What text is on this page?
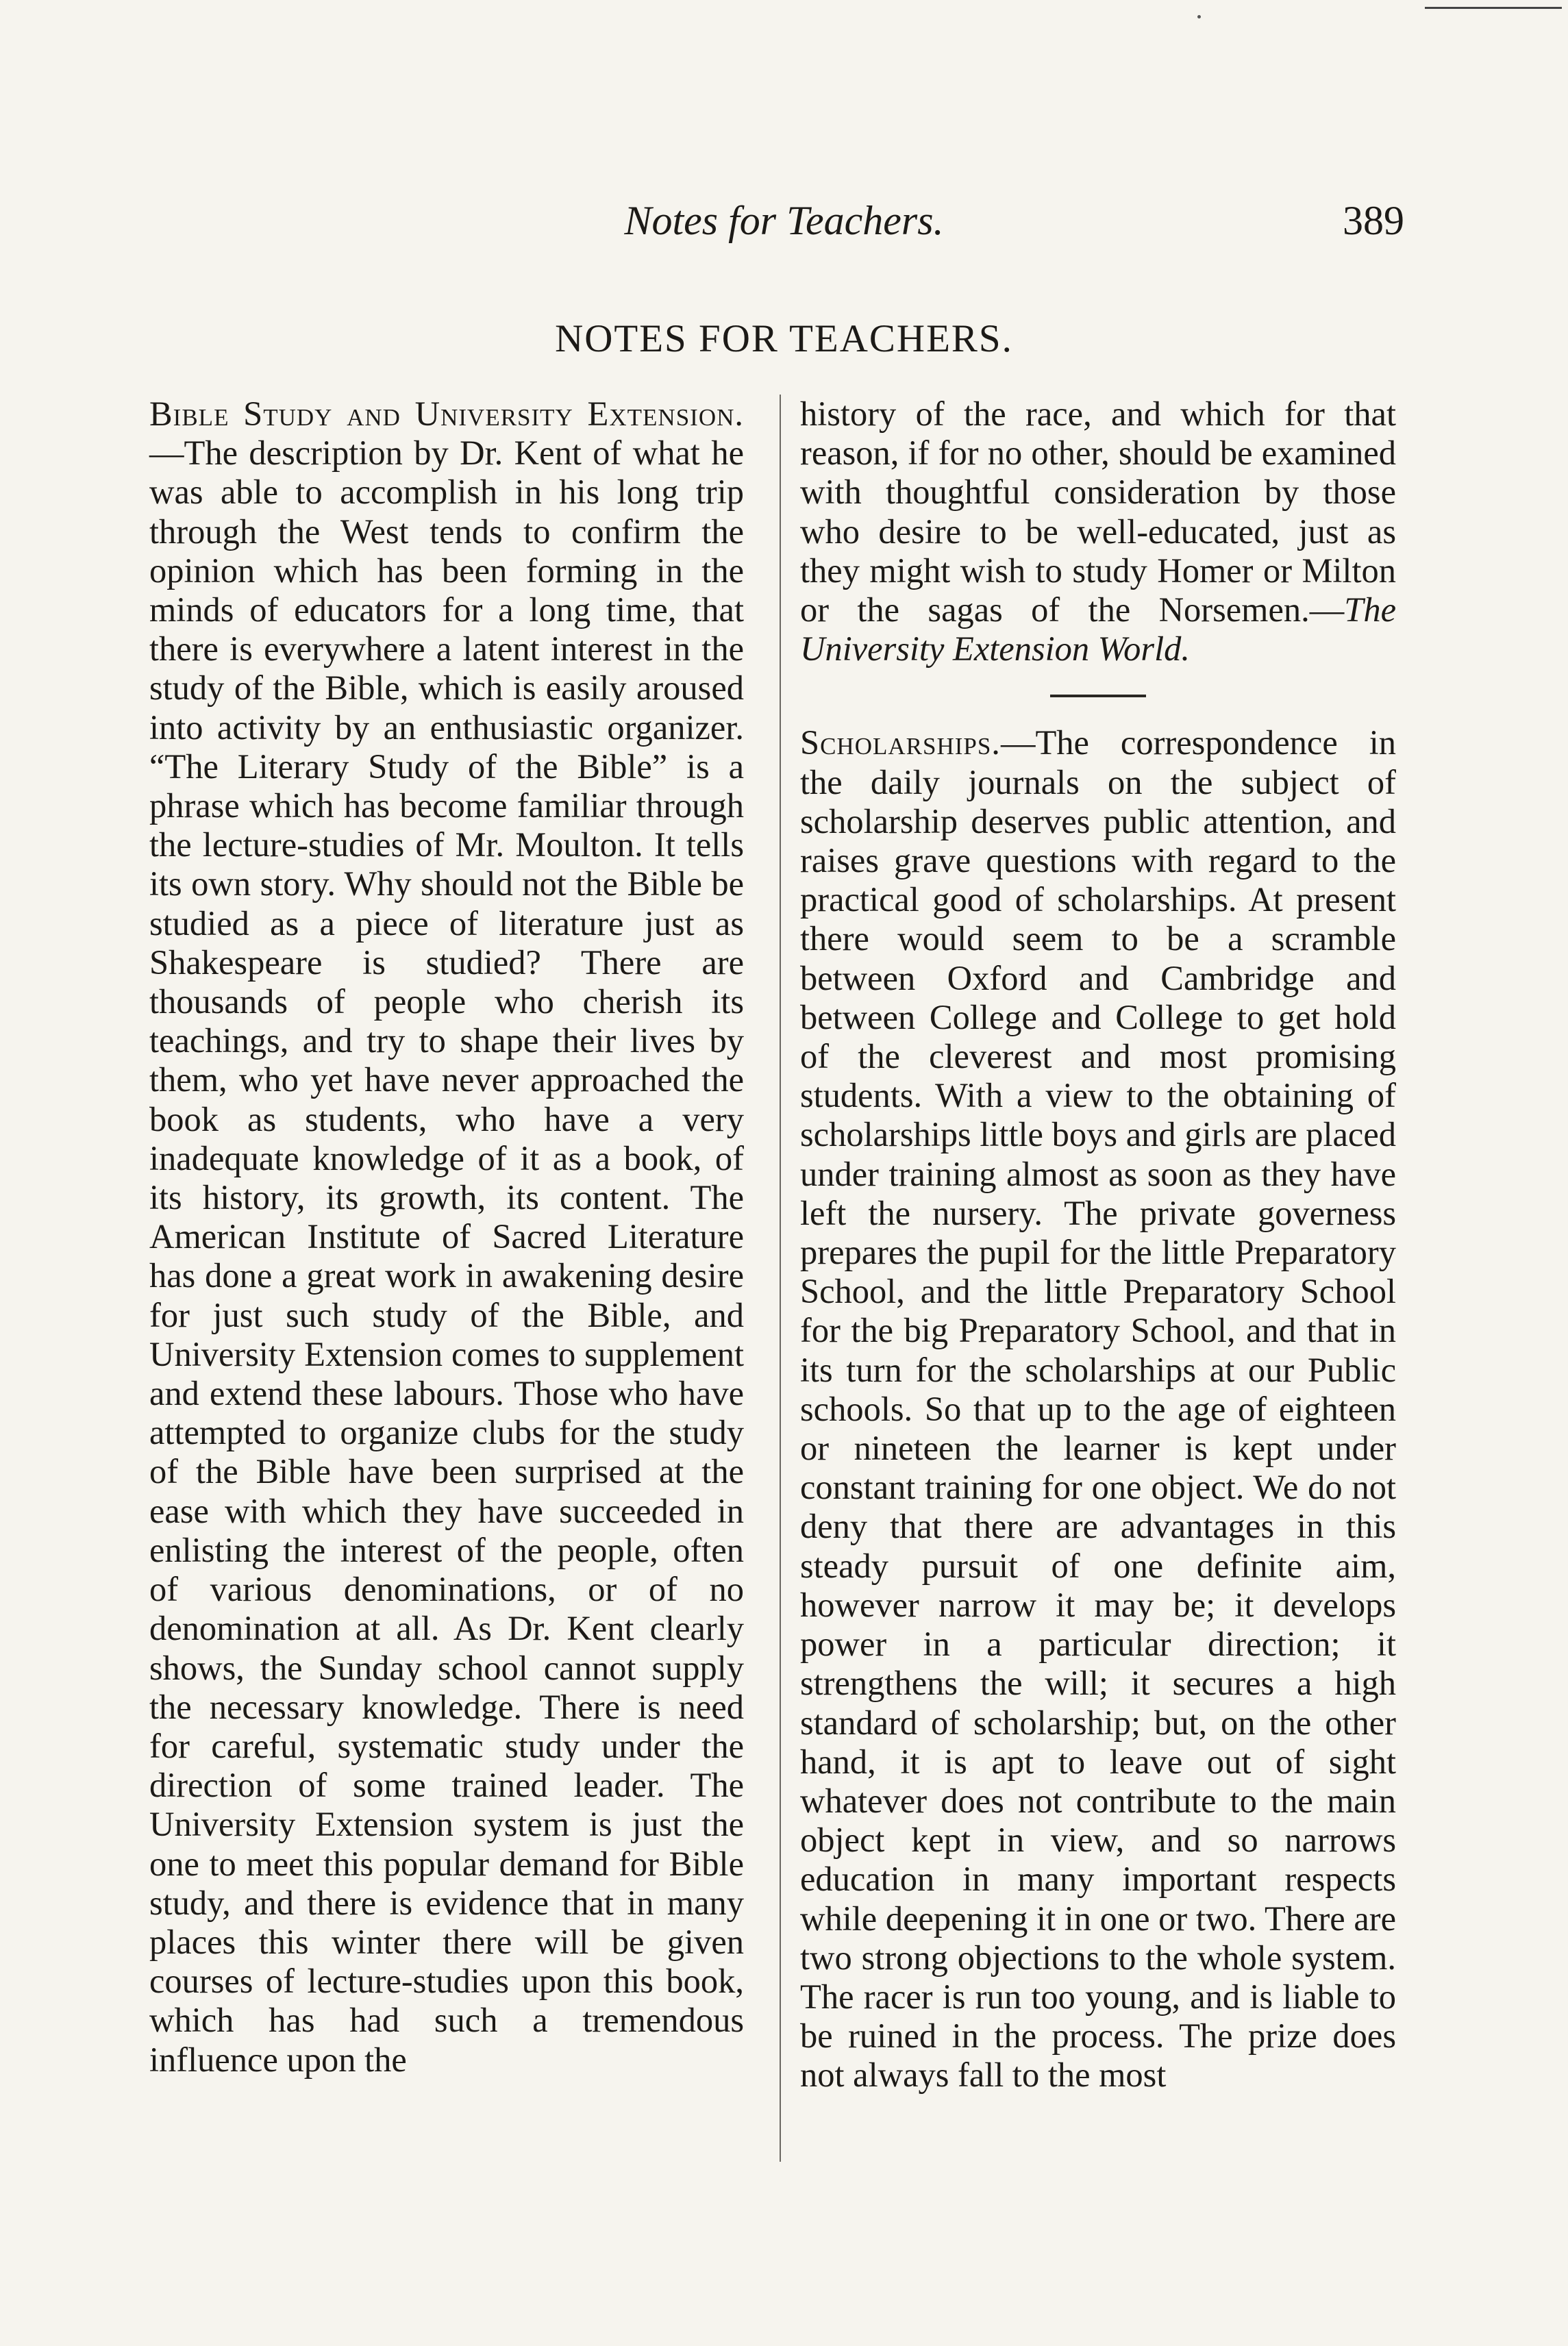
Notes for Teachers.	389
NOTES FOR TEACHERS.

Bible Study and University Extension.—The description by Dr. Kent of what he was able to accomplish in his long trip through the West tends to confirm the opinion which has been forming in the minds of educators for a long time, that there is everywhere a latent interest in the study of the Bible, which is easily aroused into activity by an enthusiastic organizer. “The Literary Study of the Bible” is a phrase which has become familiar through the lecture-studies of Mr. Moulton. It tells its own story. Why should not the Bible be studied as a piece of literature just as Shakespeare is studied? There are thousands of people who cherish its teachings, and try to shape their lives by them, who yet have never approached the book as students, who have a very inadequate knowledge of it as a book, of its history, its growth, its content. The American Institute of Sacred Literature has done a great work in awakening desire for just such study of the Bible, and University Extension comes to supplement and extend these labours. Those who have attempted to organize clubs for the study of the Bible have been surprised at the ease with which they have succeeded in enlisting the interest of the people, often of various denominations, or of no denomination at all. As Dr. Kent clearly shows, the Sunday school cannot supply the necessary knowledge. There is need for careful, systematic study under the direction of some trained leader. The University Extension system is just the one to meet this popular demand for Bible study, and there is evidence that in many places this winter there will be given courses of lecture-studies upon this book, which has had such a tremendous influence upon the

history of the race, and which for that reason, if for no other, should be examined with thoughtful consideration by those who desire to be well-educated, just as they might wish to study Homer or Milton or the sagas of the Norsemen.—The University Extension World.

Scholarships.—The correspondence in the daily journals on the subject of scholarship deserves public attention, and raises grave questions with regard to the practical good of scholarships. At present there would seem to be a scramble between Oxford and Cambridge and between College and College to get hold of the cleverest and most promising students. With a view to the obtaining of scholarships little boys and girls are placed under training almost as soon as they have left the nursery. The private governess prepares the pupil for the little Preparatory School, and the little Preparatory School for the big Preparatory School, and that in its turn for the scholarships at our Public schools. So that up to the age of eighteen or nineteen the learner is kept under constant training for one object. We do not deny that there are advantages in this steady pursuit of one definite aim, however narrow it may be; it develops power in a particular direction; it strengthens the will; it secures a high standard of scholarship; but, on the other hand, it is apt to leave out of sight whatever does not contribute to the main object kept in view, and so narrows education in many important respects while deepening it in one or two. There are two strong objections to the whole system. The racer is run too young, and is liable to be ruined in the process. The prize does not always fall to the most
